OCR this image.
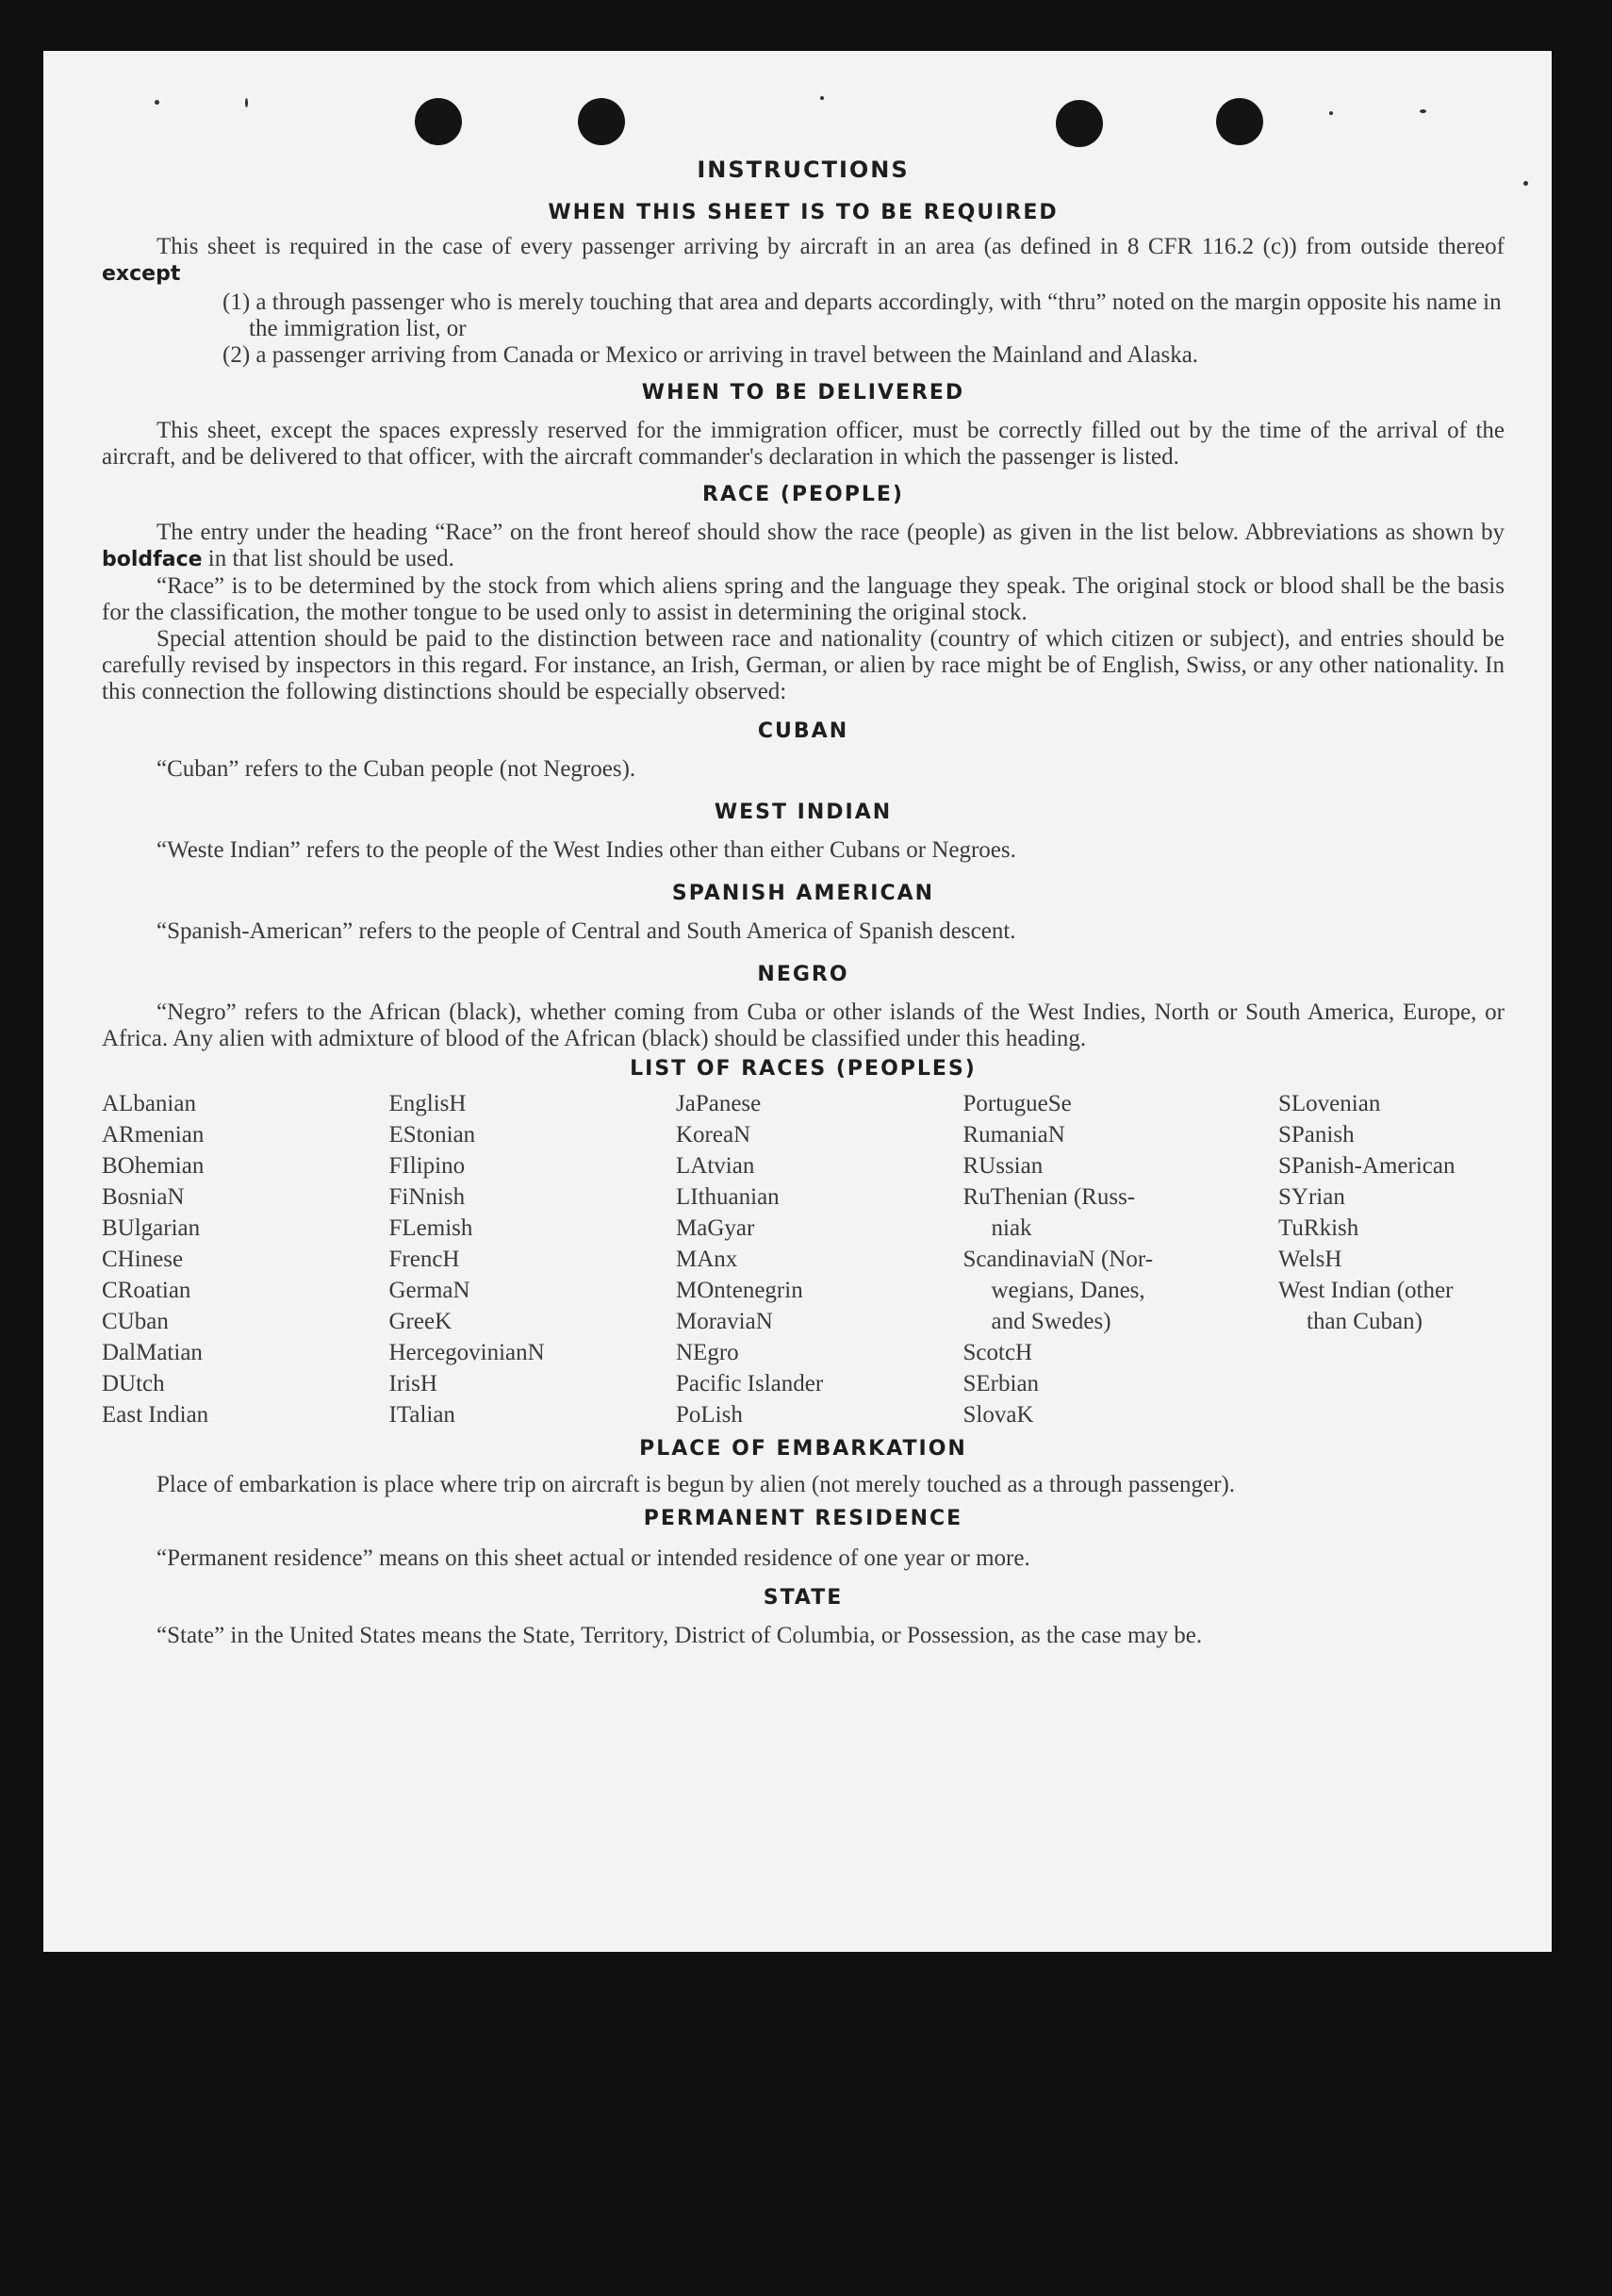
INSTRUCTIONS
WHEN THIS SHEET IS TO BE REQUIRED

This sheet is required in the case of every passenger arriving by aircraft in an area (as defined in 8 CFR 116.2 (c)) from outside thereof except

(1) a through passenger who is merely touching that area and departs accordingly, with “thru” noted on the margin opposite his name in the immigration list, or

(2) a passenger arriving from Canada or Mexico or arriving in travel between the Mainland and Alaska.

WHEN TO BE DELIVERED

This sheet, except the spaces expressly reserved for the immigration officer, must be correctly filled out by the time of the arrival of the aircraft, and be delivered to that officer, with the aircraft commander's declaration in which the passenger is listed.

RACE (PEOPLE)

The entry under the heading “Race” on the front hereof should show the race (people) as given in the list below. Abbreviations as shown by boldface in that list should be used.

“Race” is to be determined by the stock from which aliens spring and the language they speak. The original stock or blood shall be the basis for the classification, the mother tongue to be used only to assist in determining the original stock.

Special attention should be paid to the distinction between race and nationality (country of which citizen or subject), and entries should be carefully revised by inspectors in this regard. For instance, an Irish, German, or alien by race might be of English, Swiss, or any other nationality. In this connection the following distinctions should be especially observed:

CUBAN

“Cuban” refers to the Cuban people (not Negroes).

WEST INDIAN

“Weste Indian” refers to the people of the West Indies other than either Cubans or Negroes.

SPANISH AMERICAN

“Spanish-American” refers to the people of Central and South America of Spanish descent.

NEGRO

“Negro” refers to the African (black), whether coming from Cuba or other islands of the West Indies, North or South America, Europe, or Africa. Any alien with admixture of blood of the African (black) should be classified under this heading.

LIST OF RACES (PEOPLES)
ALbanian
ARmenian
BOhemian
BosniaN
BUlgarian
CHinese
CRoatian
CUban
DalMatian
DUtch
East Indian
EnglisH
EStonian
FIlipino
FiNnish
FLemish
FrencH
GermaN
GreeK
HercegovinianN
IrisH
ITalian
JaPanese
KoreaN
LAtvian
LIthuanian
MaGyar
MAnx
MOntenegrin
MoraviaN
NEgro
Pacific Islander
PoLish
PortugueSe
RumaniaN
RUssian
RuThenian (Russ-
niak
ScandinaviaN (Nor-
wegians, Danes,
and Swedes)
ScotcH
SErbian
SlovaK
SLovenian
SPanish
SPanish-American
SYrian
TuRkish
WelsH
West Indian (other
than Cuban)
PLACE OF EMBARKATION

Place of embarkation is place where trip on aircraft is begun by alien (not merely touched as a through passenger).

PERMANENT RESIDENCE

“Permanent residence” means on this sheet actual or intended residence of one year or more.

STATE

“State” in the United States means the State, Territory, District of Columbia, or Possession, as the case may be.
